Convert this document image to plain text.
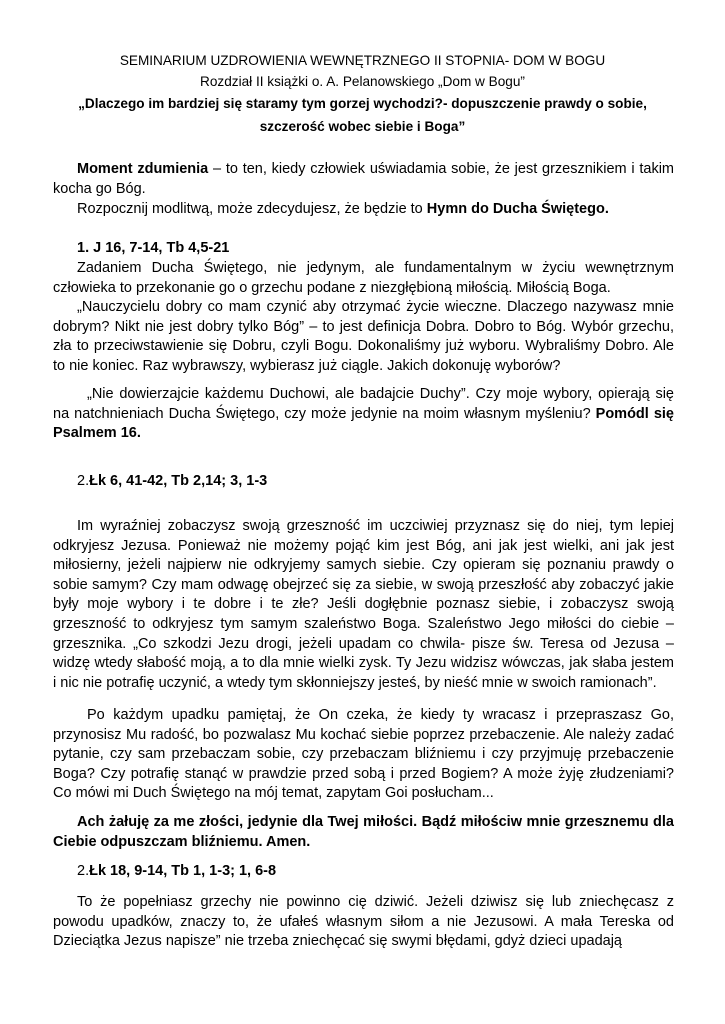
SEMINARIUM UZDROWIENIA WEWNĘTRZNEGO II STOPNIA- DOM W BOGU
Rozdział II książki o. A. Pelanowskiego „Dom w Bogu”
„Dlaczego im bardziej się staramy tym gorzej wychodzi?- dopuszczenie prawdy o sobie,
szczerość wobec siebie i Boga”

Moment zdumienia – to ten, kiedy człowiek uświadamia sobie, że jest grzesznikiem i takim kocha go Bóg.

Rozpocznij modlitwą, może zdecydujesz, że będzie to Hymn do Ducha Świętego.

1. J 16, 7-14, Tb 4,5-21

Zadaniem Ducha Świętego, nie jedynym, ale fundamentalnym w życiu wewnętrznym człowieka to przekonanie go o grzechu podane z niezgłębioną miłością. Miłością Boga.

„Nauczycielu dobry co mam czynić aby otrzymać życie wieczne. Dlaczego nazywasz mnie dobrym? Nikt nie jest dobry tylko Bóg” – to jest definicja Dobra. Dobro to Bóg. Wybór grzechu, zła to przeciwstawienie się Dobru, czyli Bogu. Dokonaliśmy już wyboru. Wybraliśmy Dobro. Ale to nie koniec. Raz wybrawszy, wybierasz już ciągle. Jakich dokonuję wyborów?

„Nie dowierzajcie każdemu Duchowi, ale badajcie Duchy”. Czy moje wybory, opierają się na natchnieniach Ducha Świętego, czy może jedynie na moim własnym myśleniu? Pomódl się Psalmem 16.

2.Łk 6, 41-42, Tb 2,14; 3, 1-3

Im wyraźniej zobaczysz swoją grzeszność im uczciwiej przyznasz się do niej, tym lepiej odkryjesz Jezusa. Ponieważ nie możemy pojąć kim jest Bóg, ani jak jest wielki, ani jak jest miłosierny, jeżeli najpierw nie odkryjemy samych siebie. Czy opieram się poznaniu prawdy o sobie samym? Czy mam odwagę obejrzeć się za siebie, w swoją przeszłość aby zobaczyć jakie były moje wybory i te dobre i te złe? Jeśli dogłębnie poznasz siebie, i zobaczysz swoją grzeszność to odkryjesz tym samym szaleństwo Boga. Szaleństwo Jego miłości do ciebie – grzesznika. „Co szkodzi Jezu drogi, jeżeli upadam co chwila- pisze św. Teresa od Jezusa – widzę wtedy słabość moją, a to dla mnie wielki zysk. Ty Jezu widzisz wówczas, jak słaba jestem i nic nie potrafię uczynić, a wtedy tym skłonniejszy jesteś, by nieść mnie w swoich ramionach”.

Po każdym upadku pamiętaj, że On czeka, że kiedy ty wracasz i przepraszasz Go, przynosisz Mu radość, bo pozwalasz Mu kochać siebie poprzez przebaczenie. Ale należy zadać pytanie, czy sam przebaczam sobie, czy przebaczam bliźniemu i czy przyjmuję przebaczenie Boga? Czy potrafię stanąć w prawdzie przed sobą i przed Bogiem? A może żyję złudzeniami? Co mówi mi Duch Świętego na mój temat, zapytam Goi posłucham...

Ach żałuję za me złości, jedynie dla Twej miłości. Bądź miłościw mnie grzesznemu dla Ciebie odpuszczam bliźniemu. Amen.

2.Łk 18, 9-14, Tb 1, 1-3; 1, 6-8

To że popełniasz grzechy nie powinno cię dziwić. Jeżeli dziwisz się lub zniechęcasz z powodu upadków, znaczy to, że ufałeś własnym siłom a nie Jezusowi. A mała Tereska od Dzieciątka Jezus napisze” nie trzeba zniechęcać się swymi błędami, gdyż dzieci upadają
